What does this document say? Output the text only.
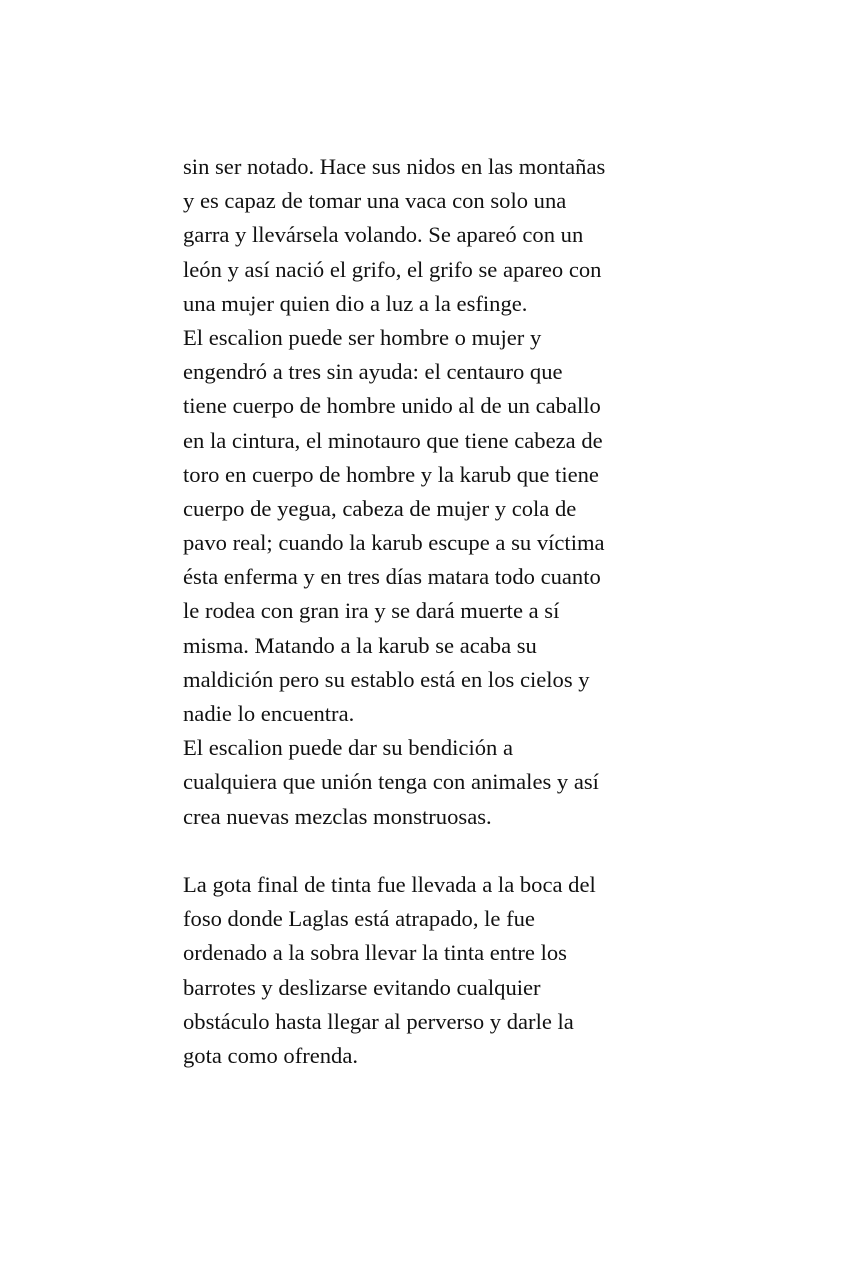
sin ser notado. Hace sus nidos en las montañas
y es capaz de tomar una vaca con solo una
garra y llevársela volando. Se apareó con un
león y así nació el grifo, el grifo se apareo con
una mujer quien dio a luz a la esfinge.
El escalion puede ser hombre o mujer y
engendró a tres sin ayuda: el centauro que
tiene cuerpo de hombre unido al de un caballo
en la cintura, el minotauro que tiene cabeza de
toro en cuerpo de hombre y la karub que tiene
cuerpo de yegua, cabeza de mujer y cola de
pavo real; cuando la karub escupe a su víctima
ésta enferma y en tres días matara todo cuanto
le rodea con gran ira y se dará muerte a sí
misma. Matando a la karub se acaba su
maldición pero su establo está en los cielos y
nadie lo encuentra.
El escalion puede dar su bendición a
cualquiera que unión tenga con animales y así
crea nuevas mezclas monstruosas.
La gota final de tinta fue llevada a la boca del
foso donde Laglas está atrapado, le fue
ordenado a la sobra llevar la tinta entre los
barrotes y deslizarse evitando cualquier
obstáculo hasta llegar al perverso y darle la
gota como ofrenda.
